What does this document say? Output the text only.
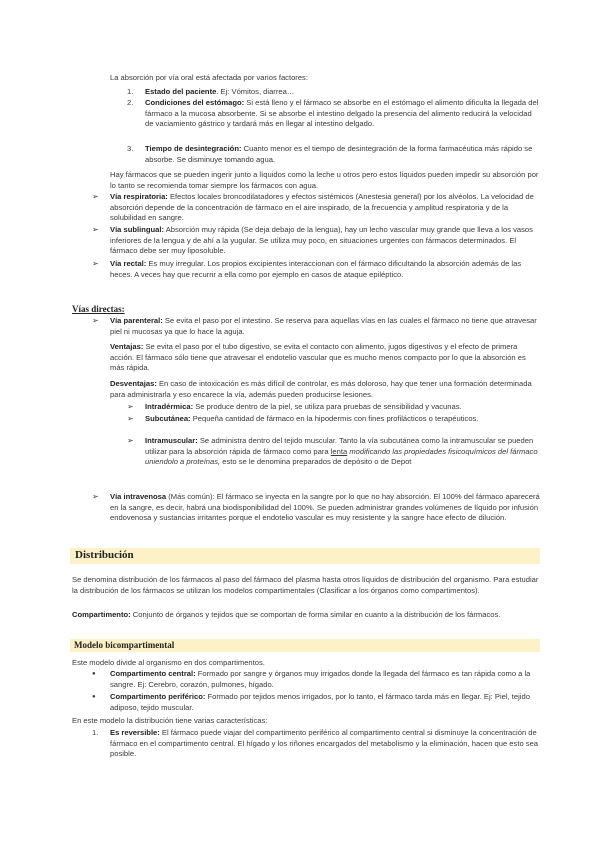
La absorción por vía oral está afectada por varios factores:
1. Estado del paciente. Ej: Vómitos, diarrea…
2. Condiciones del estómago: Si está lleno y el fármaco se absorbe en el estómago el alimento dificulta la llegada del fármaco a la mucosa absorbente. Si se absorbe el intestino delgado la presencia del alimento reducirá la velocidad de vaciamiento gástrico y tardará más en llegar al intestino delgado.
3. Tiempo de desintegración: Cuanto menor es el tiempo de desintegración de la forma farmacéutica más rápido se absorbe. Se disminuye tomando agua.
Hay fármacos que se pueden ingerir junto a líquidos como la leche u otros pero estos líquidos pueden impedir su absorción por lo tanto se recomienda tomar siempre los fármacos con agua.
➢ Vía respiratoria: Efectos locales broncodilatadores y efectos sistémicos (Anestesia general) por los alvéolos. La velocidad de absorción depende de la concentración de fármaco en el aire inspirado, de la frecuencia y amplitud respiratoria y de la solubilidad en sangre.
➢ Vía sublingual: Absorción muy rápida (Se deja debajo de la lengua), hay un lecho vascular muy grande que lleva a los vasos inferiores de la lengua y de ahí a la yugular. Se utiliza muy poco, en situaciones urgentes con fármacos determinados. El fármaco debe ser muy liposoluble.
➢ Vía rectal: Es muy irregular. Los propios excipientes interaccionan con el fármaco dificultando la absorción además de las heces. A veces hay que recurrir a ella como por ejemplo en casos de ataque epiléptico.
Vías directas:
➢ Vía parenteral: Se evita el paso por el intestino. Se reserva para aquellas vías en las cuales el fármaco no tiene que atravesar piel ni mucosas ya que lo hace la aguja.
Ventajas: Se evita el paso por el tubo digestivo, se evita el contacto con alimento, jugos digestivos y el efecto de primera acción. El fármaco sólo tiene que atravesar el endotelio vascular que es mucho menos compacto por lo que la absorción es más rápida.
Desventajas: En caso de intoxicación es más difícil de controlar, es más doloroso, hay que tener una formación determinada para administrarla y eso encarece la vía, además pueden producirse lesiones.
➢ Intradérmica: Se produce dentro de la piel, se utiliza para pruebas de sensibilidad y vacunas.
➢ Subcutánea: Pequeña cantidad de fármaco en la hipodermis con fines profilácticos o terapéuticos.
➢ Intramuscular: Se administra dentro del tejido muscular. Tanto la vía subcutánea como la intramuscular se pueden utilizar para la absorción rápida de fármaco como para lenta modificando las propiedades fisicoquímicos del fármaco uniendolo a proteínas, esto se le denomina preparados de depósito o de Depot
➢ Vía intravenosa (Más común): El fármaco se inyecta en la sangre por lo que no hay absorción. El 100% del fármaco aparecerá en la sangre, es decir, habrá una biodisponibilidad del 100%. Se pueden administrar grandes volúmenes de líquido por infusión endovenosa y sustancias irritantes porque el endotelio vascular es muy resistente y la sangre hace efecto de dilución.
Distribución
Se denomina distribución de los fármacos al paso del fármaco del plasma hasta otros líquidos de distribución del organismo. Para estudiar la distribución de los fármacos se utilizan los modelos compartimentales (Clasificar a los órganos como compartimentos).
Compartimento: Conjunto de órganos y tejidos que se comportan de forma similar en cuanto a la distribución de los fármacos.
Modelo bicompartimental
Este modelo divide al organismo en dos compartimentos.
● Compartimento central: Formado por sangre y órganos muy irrigados donde la llegada del fármaco es tan rápida como a la sangre. Ej: Cerebro, corazón, pulmones, hígado.
● Compartimento periférico: Formado por tejidos menos irrigados, por lo tanto, el fármaco tarda más en llegar. Ej: Piel, tejido adiposo, tejido muscular.
En este modelo la distribución tiene varias características:
1. Es reversible: El fármaco puede viajar del compartimento periférico al compartimento central si disminuye la concentración de fármaco en el compartimento central. El hígado y los riñones encargados del metabolismo y la eliminación, hacen que esto sea posible.
